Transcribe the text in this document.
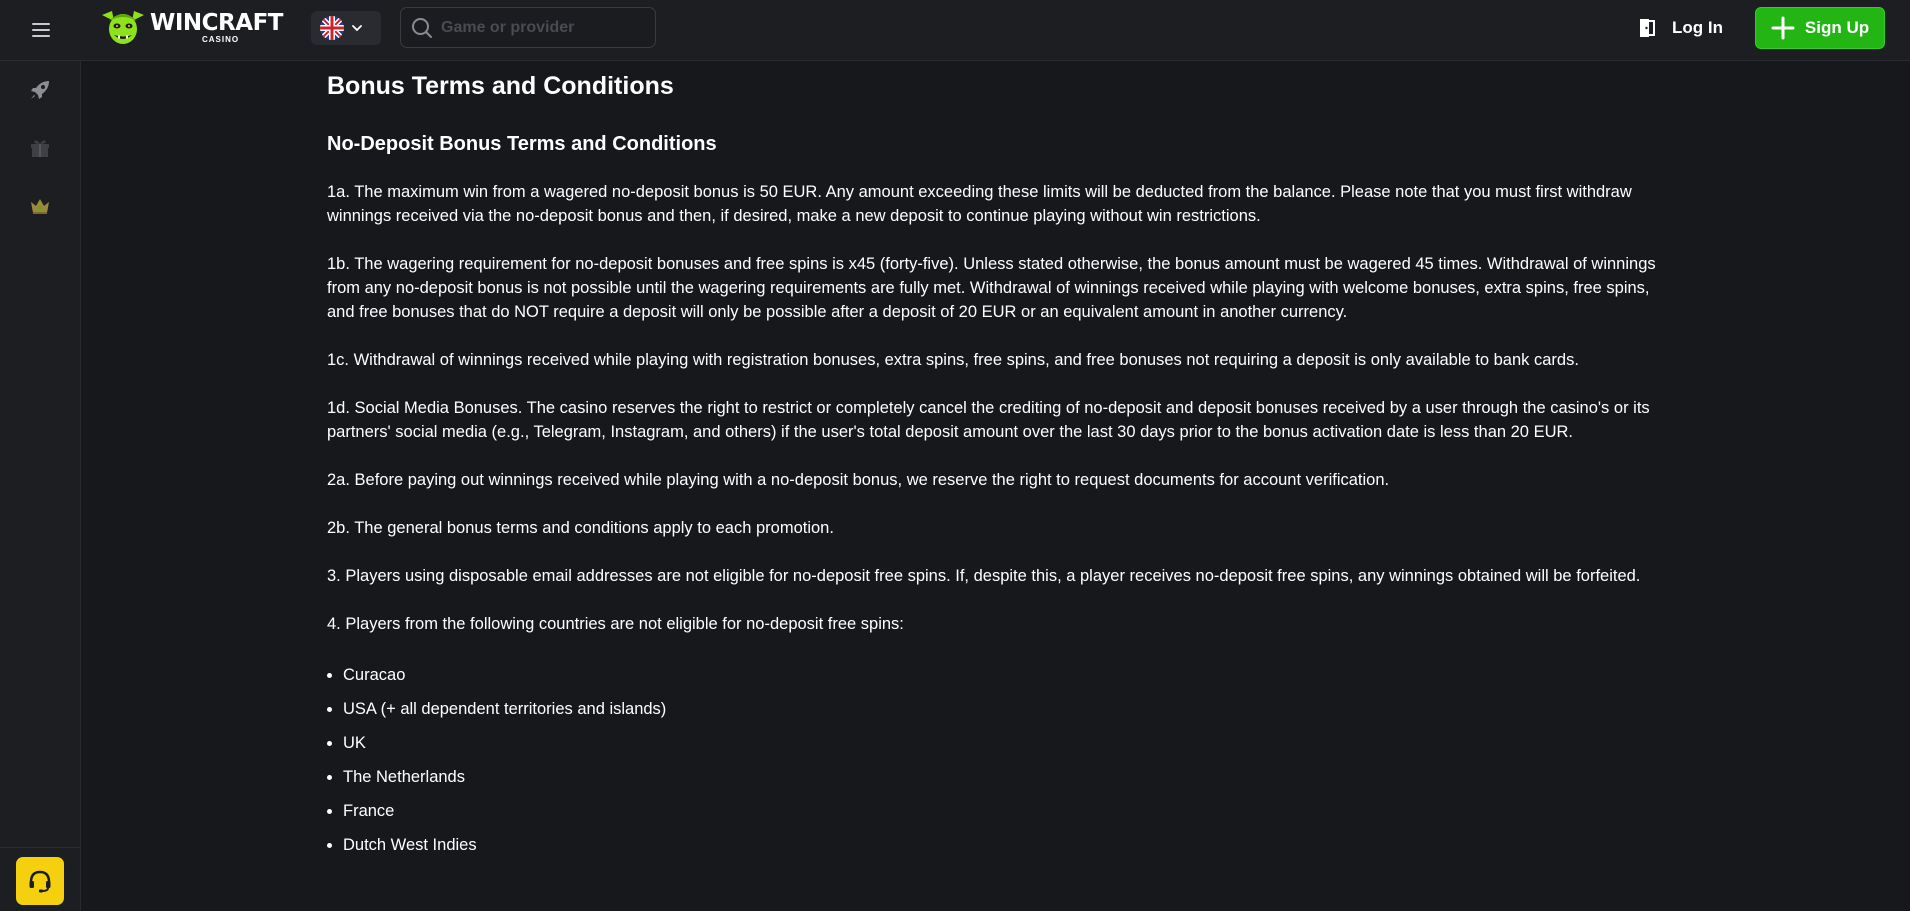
WINCRAFT
CASINO
Game or provider
Log In	Sign Up
Bonus Terms and Conditions
No-Deposit Bonus Terms and Conditions

1a. The maximum win from a wagered no-deposit bonus is 50 EUR. Any amount exceeding these limits will be deducted from the balance. Please note that you must first withdraw winnings received via the no-deposit bonus and then, if desired, make a new deposit to continue playing without win restrictions.

1b. The wagering requirement for no-deposit bonuses and free spins is x45 (forty-five). Unless stated otherwise, the bonus amount must be wagered 45 times. Withdrawal of winnings from any no-deposit bonus is not possible until the wagering requirements are fully met. Withdrawal of winnings received while playing with welcome bonuses, extra spins, free spins, and free bonuses that do NOT require a deposit will only be possible after a deposit of 20 EUR or an equivalent amount in another currency.

1c. Withdrawal of winnings received while playing with registration bonuses, extra spins, free spins, and free bonuses not requiring a deposit is only available to bank cards.

1d. Social Media Bonuses. The casino reserves the right to restrict or completely cancel the crediting of no-deposit and deposit bonuses received by a user through the casino's or its partners' social media (e.g., Telegram, Instagram, and others) if the user's total deposit amount over the last 30 days prior to the bonus activation date is less than 20 EUR.

2a. Before paying out winnings received while playing with a no-deposit bonus, we reserve the right to request documents for account verification.

2b. The general bonus terms and conditions apply to each promotion.

3. Players using disposable email addresses are not eligible for no-deposit free spins. If, despite this, a player receives no-deposit free spins, any winnings obtained will be forfeited.

4. Players from the following countries are not eligible for no-deposit free spins:

• Curacao
• USA (+ all dependent territories and islands)
• UK
• The Netherlands
• France
• Dutch West Indies
